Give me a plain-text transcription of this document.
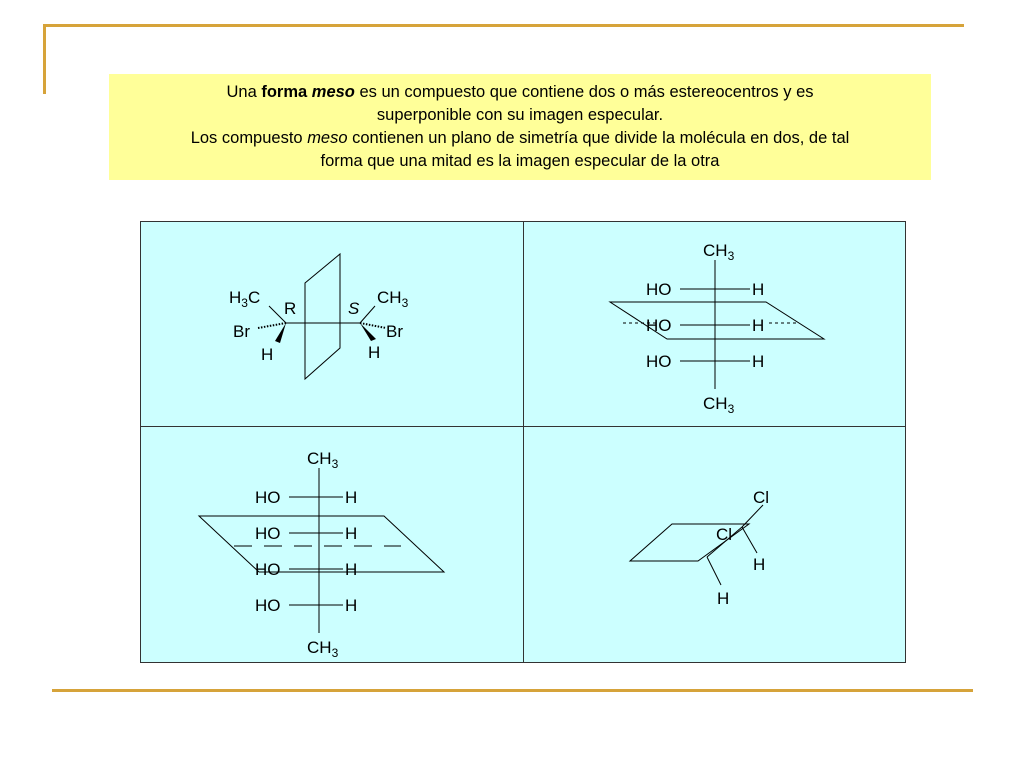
Una forma meso es un compuesto que contiene dos o más estereocentros y es
superponible con su imagen especular.
Los compuesto meso contienen un plano de simetría que divide la molécula en dos, de tal
forma que una mitad es la imagen especular de la otra
$H_3C$	$CH_3$
R	S
Br	Br
H	H
$CH_3$
HO	H
HO	H
HO	H
$CH_3$
$CH_3$
HO	H
HO	H
HO	H
HO	H
$CH_3$
Cl
Cl
H
H
